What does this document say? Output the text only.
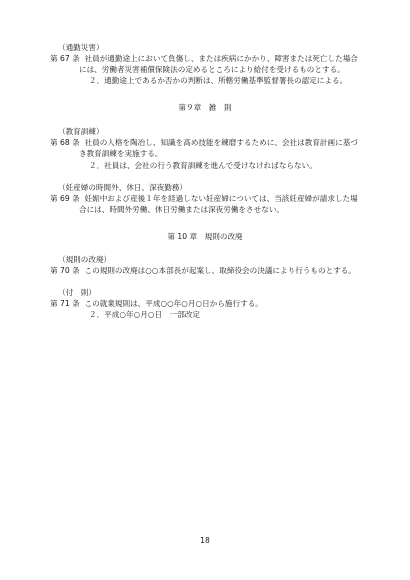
（通勤災害）
第 67 条 社員が通勤途上において負傷し、または疾病にかかり、障害または死亡した場合
には、労働者災害補償保険法の定めるところにより給付を受けるものとする。
２．通勤途上であるか否かの判断は、所轄労働基準監督署長の認定による。
第９章　雑　則
（教育訓練）
第 68 条 社員の人格を陶冶し、知識を高め技能を練磨するために、会社は教育計画に基づ
き教育訓練を実施する。
２．社員は、会社の行う教育訓練を進んで受けなければならない。
（妊産婦の時間外、休日、深夜勤務）
第 69 条 妊娠中および産後１年を経過しない妊産婦については、当該妊産婦が請求した場
合には、時間外労働、休日労働または深夜労働をさせない。
第 10 章　規則の改廃
（規則の改廃）
第 70 条 この規則の改廃は○○本部長が起案し、取締役会の決議により行うものとする。
（付　則）
第 71 条 この就業規則は、平成○○年○月○日から施行する。
２．平成○年○月○日　一部改定
18
